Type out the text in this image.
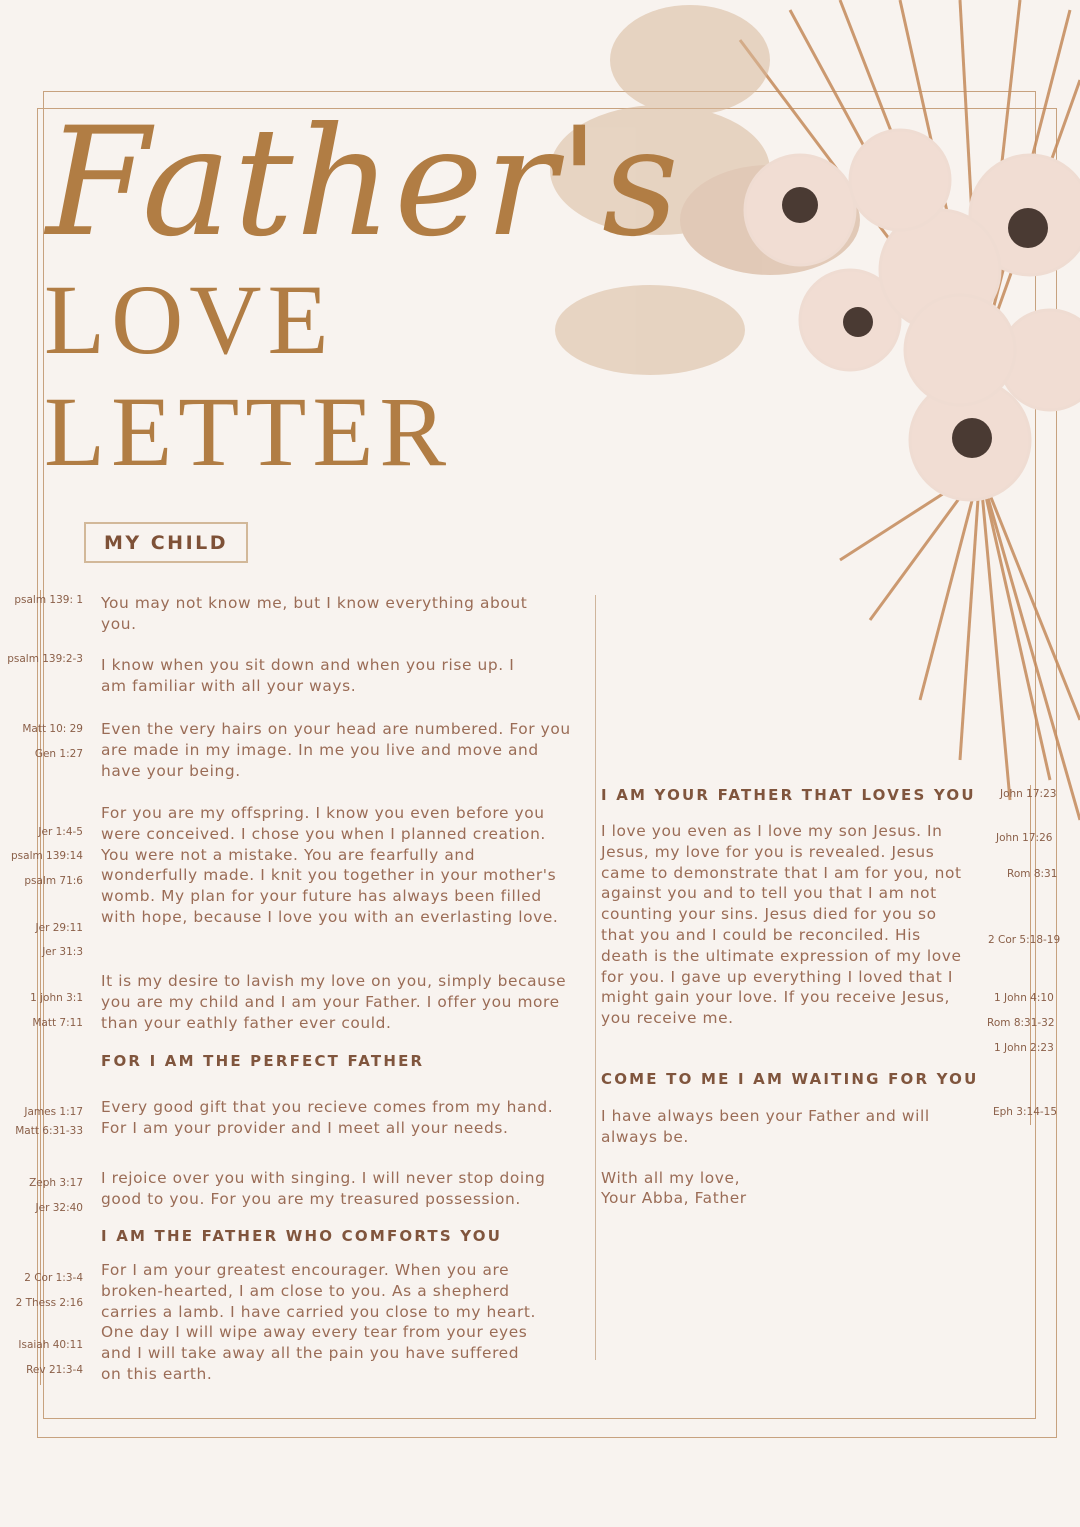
Father's
LOVE
LETTER
MY CHILD
You may not know me, but I know everything about you.
I know when you sit down and when you rise up. I am familiar with all your ways.
Even the very hairs on your head are numbered. For you are made in my image. In me you live and move and have your being.
For you are my offspring. I know you even before you were conceived. I chose you when I planned creation. You were not a mistake. You are fearfully and wonderfully made. I knit you together in your mother's womb. My plan for your future has always been filled with hope, because I love you with an everlasting love.
It is my desire to lavish my love on you, simply because you are my child and I am your Father. I offer you more than your eathly father ever could.
FOR I AM THE PERFECT FATHER
Every good gift that you recieve comes from my hand. For I am your provider and I meet all your needs.
I rejoice over you with singing. I will never stop doing good to you. For you are my treasured possession.
I AM THE FATHER WHO COMFORTS YOU
For I am your greatest encourager. When you are broken-hearted, I am close to you. As a shepherd carries a lamb. I have carried you close to my heart. One day I will wipe away every tear from your eyes and I will take away all the pain you have suffered on this earth.
psalm 139: 1
psalm 139:2-3
Matt 10: 29
Gen 1:27
Jer 1:4-5
psalm 139:14
psalm 71:6
Jer 29:11
Jer 31:3
1 john 3:1
Matt 7:11
James 1:17
Matt 6:31-33
Zeph 3:17
Jer 32:40
2 Cor 1:3-4
2 Thess 2:16
Isaiah 40:11
Rev 21:3-4
I AM YOUR FATHER THAT LOVES YOU
I love you even as I love my son Jesus. In Jesus, my love for you is revealed. Jesus came to demonstrate that I am for you, not against you and to tell you that I am not counting your sins. Jesus died for you so that you and I could be reconciled. His death is the ultimate expression of my love for you. I gave up everything I loved that I might gain your love. If you receive Jesus, you receive me.
COME TO ME I AM WAITING FOR YOU
I have always been your Father and will always be.
With all my love,
Your Abba, Father
John 17:23
John 17:26
Rom 8:31
2 Cor 5:18-19
1 John 4:10
Rom 8:31-32
1 John 2:23
Eph 3:14-15
